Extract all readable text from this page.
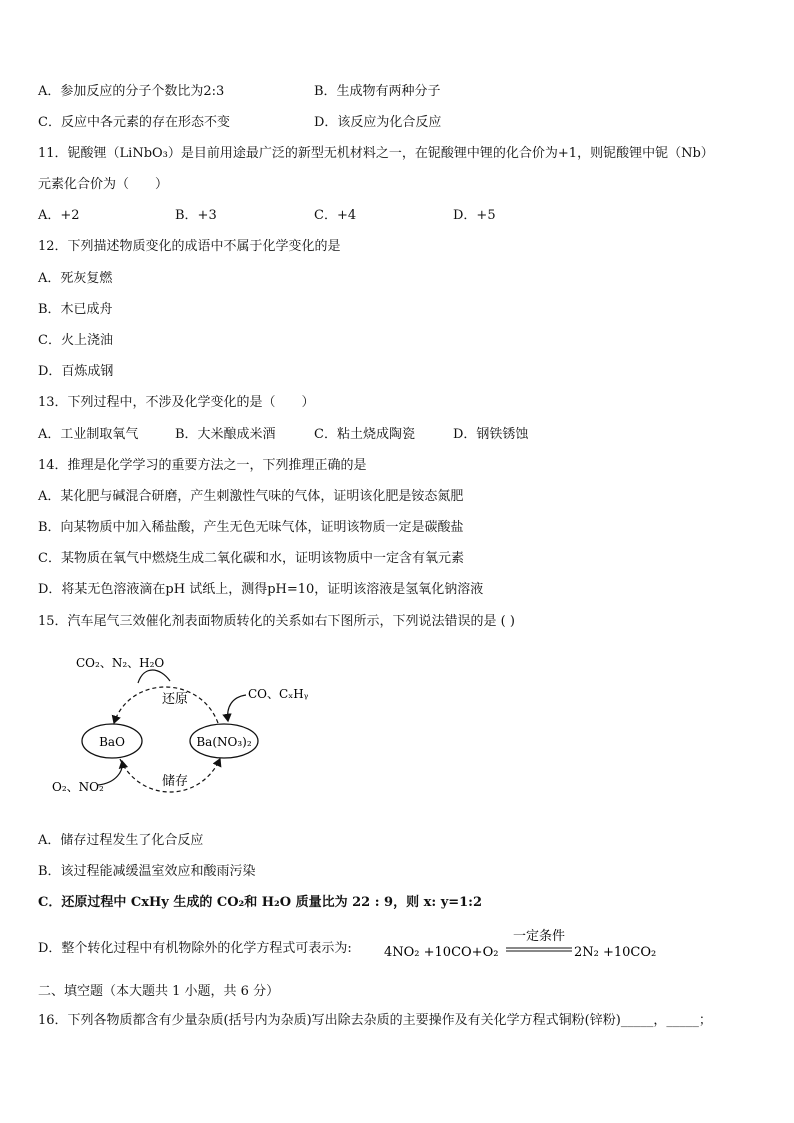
A．参加反应的分子个数比为2:3	B．生成物有两种分子
C．反应中各元素的存在形态不变	D．该反应为化合反应
11．铌酸锂（LiNbO₃）是目前用途最广泛的新型无机材料之一，在铌酸锂中锂的化合价为+1，则铌酸锂中铌（Nb）
元素化合价为（　　）
A．+2	B．+3	C．+4	D．+5
12．下列描述物质变化的成语中不属于化学变化的是
A．死灰复燃
B．木已成舟
C．火上浇油
D．百炼成钢
13．下列过程中，不涉及化学变化的是（　　）
A．工业制取氧气	B．大米酿成米酒	C．粘土烧成陶瓷	D．钢铁锈蚀
14．推理是化学学习的重要方法之一，下列推理正确的是
A．某化肥与碱混合研磨，产生刺激性气味的气体，证明该化肥是铵态氮肥
B．向某物质中加入稀盐酸，产生无色无味气体，证明该物质一定是碳酸盐
C．某物质在氧气中燃烧生成二氧化碳和水，证明该物质中一定含有氧元素
D．将某无色溶液滴在pH 试纸上，测得pH=10，证明该溶液是氢氧化钠溶液
15．汽车尾气三效催化剂表面物质转化的关系如右下图所示，下列说法错误的是 ( )
BaO	Ba(NO₃)₂
还原
储存
CO₂、N₂、H₂O
CO、CₓHᵧ
O₂、NO₂
A．储存过程发生了化合反应
B．该过程能减缓温室效应和酸雨污染
C．还原过程中 CxHy 生成的 CO₂和 H₂O 质量比为 22 : 9，则 x: y=1:2
D．整个转化过程中有机物除外的化学方程式可表示为: 4NO₂ +10CO+O₂
一定条件
2N₂ +10CO₂
二、填空题（本大题共 1 小题，共 6 分）
16．下列各物质都含有少量杂质(括号内为杂质)写出除去杂质的主要操作及有关化学方程式铜粉(锌粉)_____，_____；
